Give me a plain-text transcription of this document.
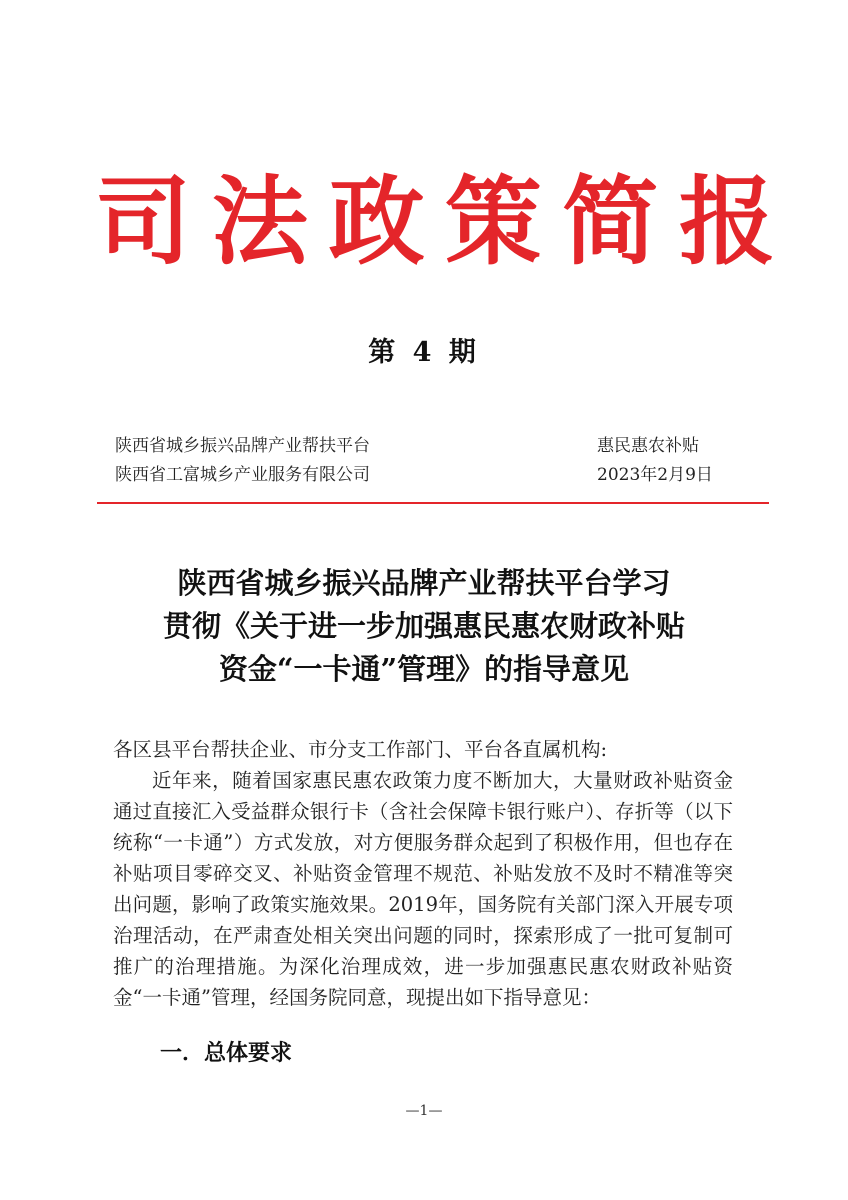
司 法 政 策 简 报
第 4 期
陕西省城乡振兴品牌产业帮扶平台
陕西省工富城乡产业服务有限公司
惠民惠农补贴
2023年2月9日
陕西省城乡振兴品牌产业帮扶平台学习
贯彻《关于进一步加强惠民惠农财政补贴
资金“一卡通”管理》的指导意见

各区县平台帮扶企业、市分支工作部门、平台各直属机构:

近年来，随着国家惠民惠农政策力度不断加大，大量财政补贴资金通过直接汇入受益群众银行卡（含社会保障卡银行账户）、存折等（以下统称“一卡通”）方式发放，对方便服务群众起到了积极作用，但也存在补贴项目零碎交叉、补贴资金管理不规范、补贴发放不及时不精准等突出问题，影响了政策实施效果。2019年，国务院有关部门深入开展专项治理活动，在严肃查处相关突出问题的同时，探索形成了一批可复制可推广的治理措施。为深化治理成效，进一步加强惠民惠农财政补贴资金“一卡通”管理，经国务院同意，现提出如下指导意见：

一．总体要求
—1—
